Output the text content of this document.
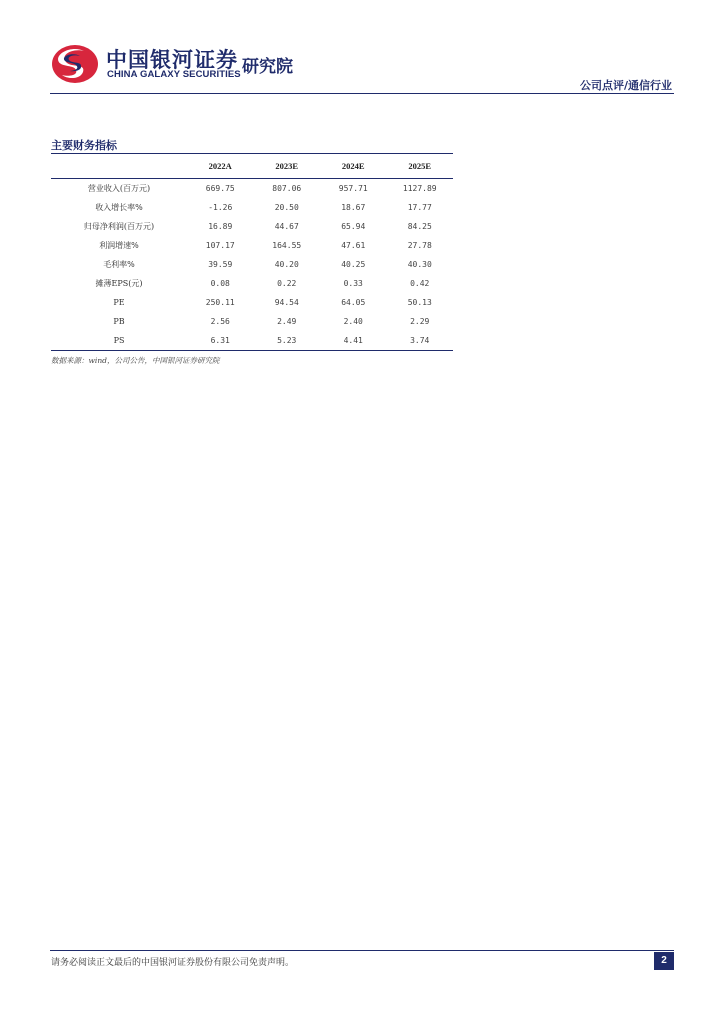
中国银河证券
CHINA GALAXY SECURITIES 研究院
公司点评/通信行业
主要财务指标
	2022A	2023E	2024E	2025E
营业收入(百万元)	669.75	807.06	957.71	1127.89
收入增长率%	-1.26	20.50	18.67	17.77
归母净利润(百万元)	16.89	44.67	65.94	84.25
利润增速%	107.17	164.55	47.61	27.78
毛利率%	39.59	40.20	40.25	40.30
摊薄EPS(元)	0.08	0.22	0.33	0.42
PE	250.11	94.54	64.05	50.13
PB	2.56	2.49	2.40	2.29
PS	6.31	5.23	4.41	3.74
数据来源：wind，公司公告，中国银河证券研究院
请务必阅读正文最后的中国银河证券股份有限公司免责声明。	2
